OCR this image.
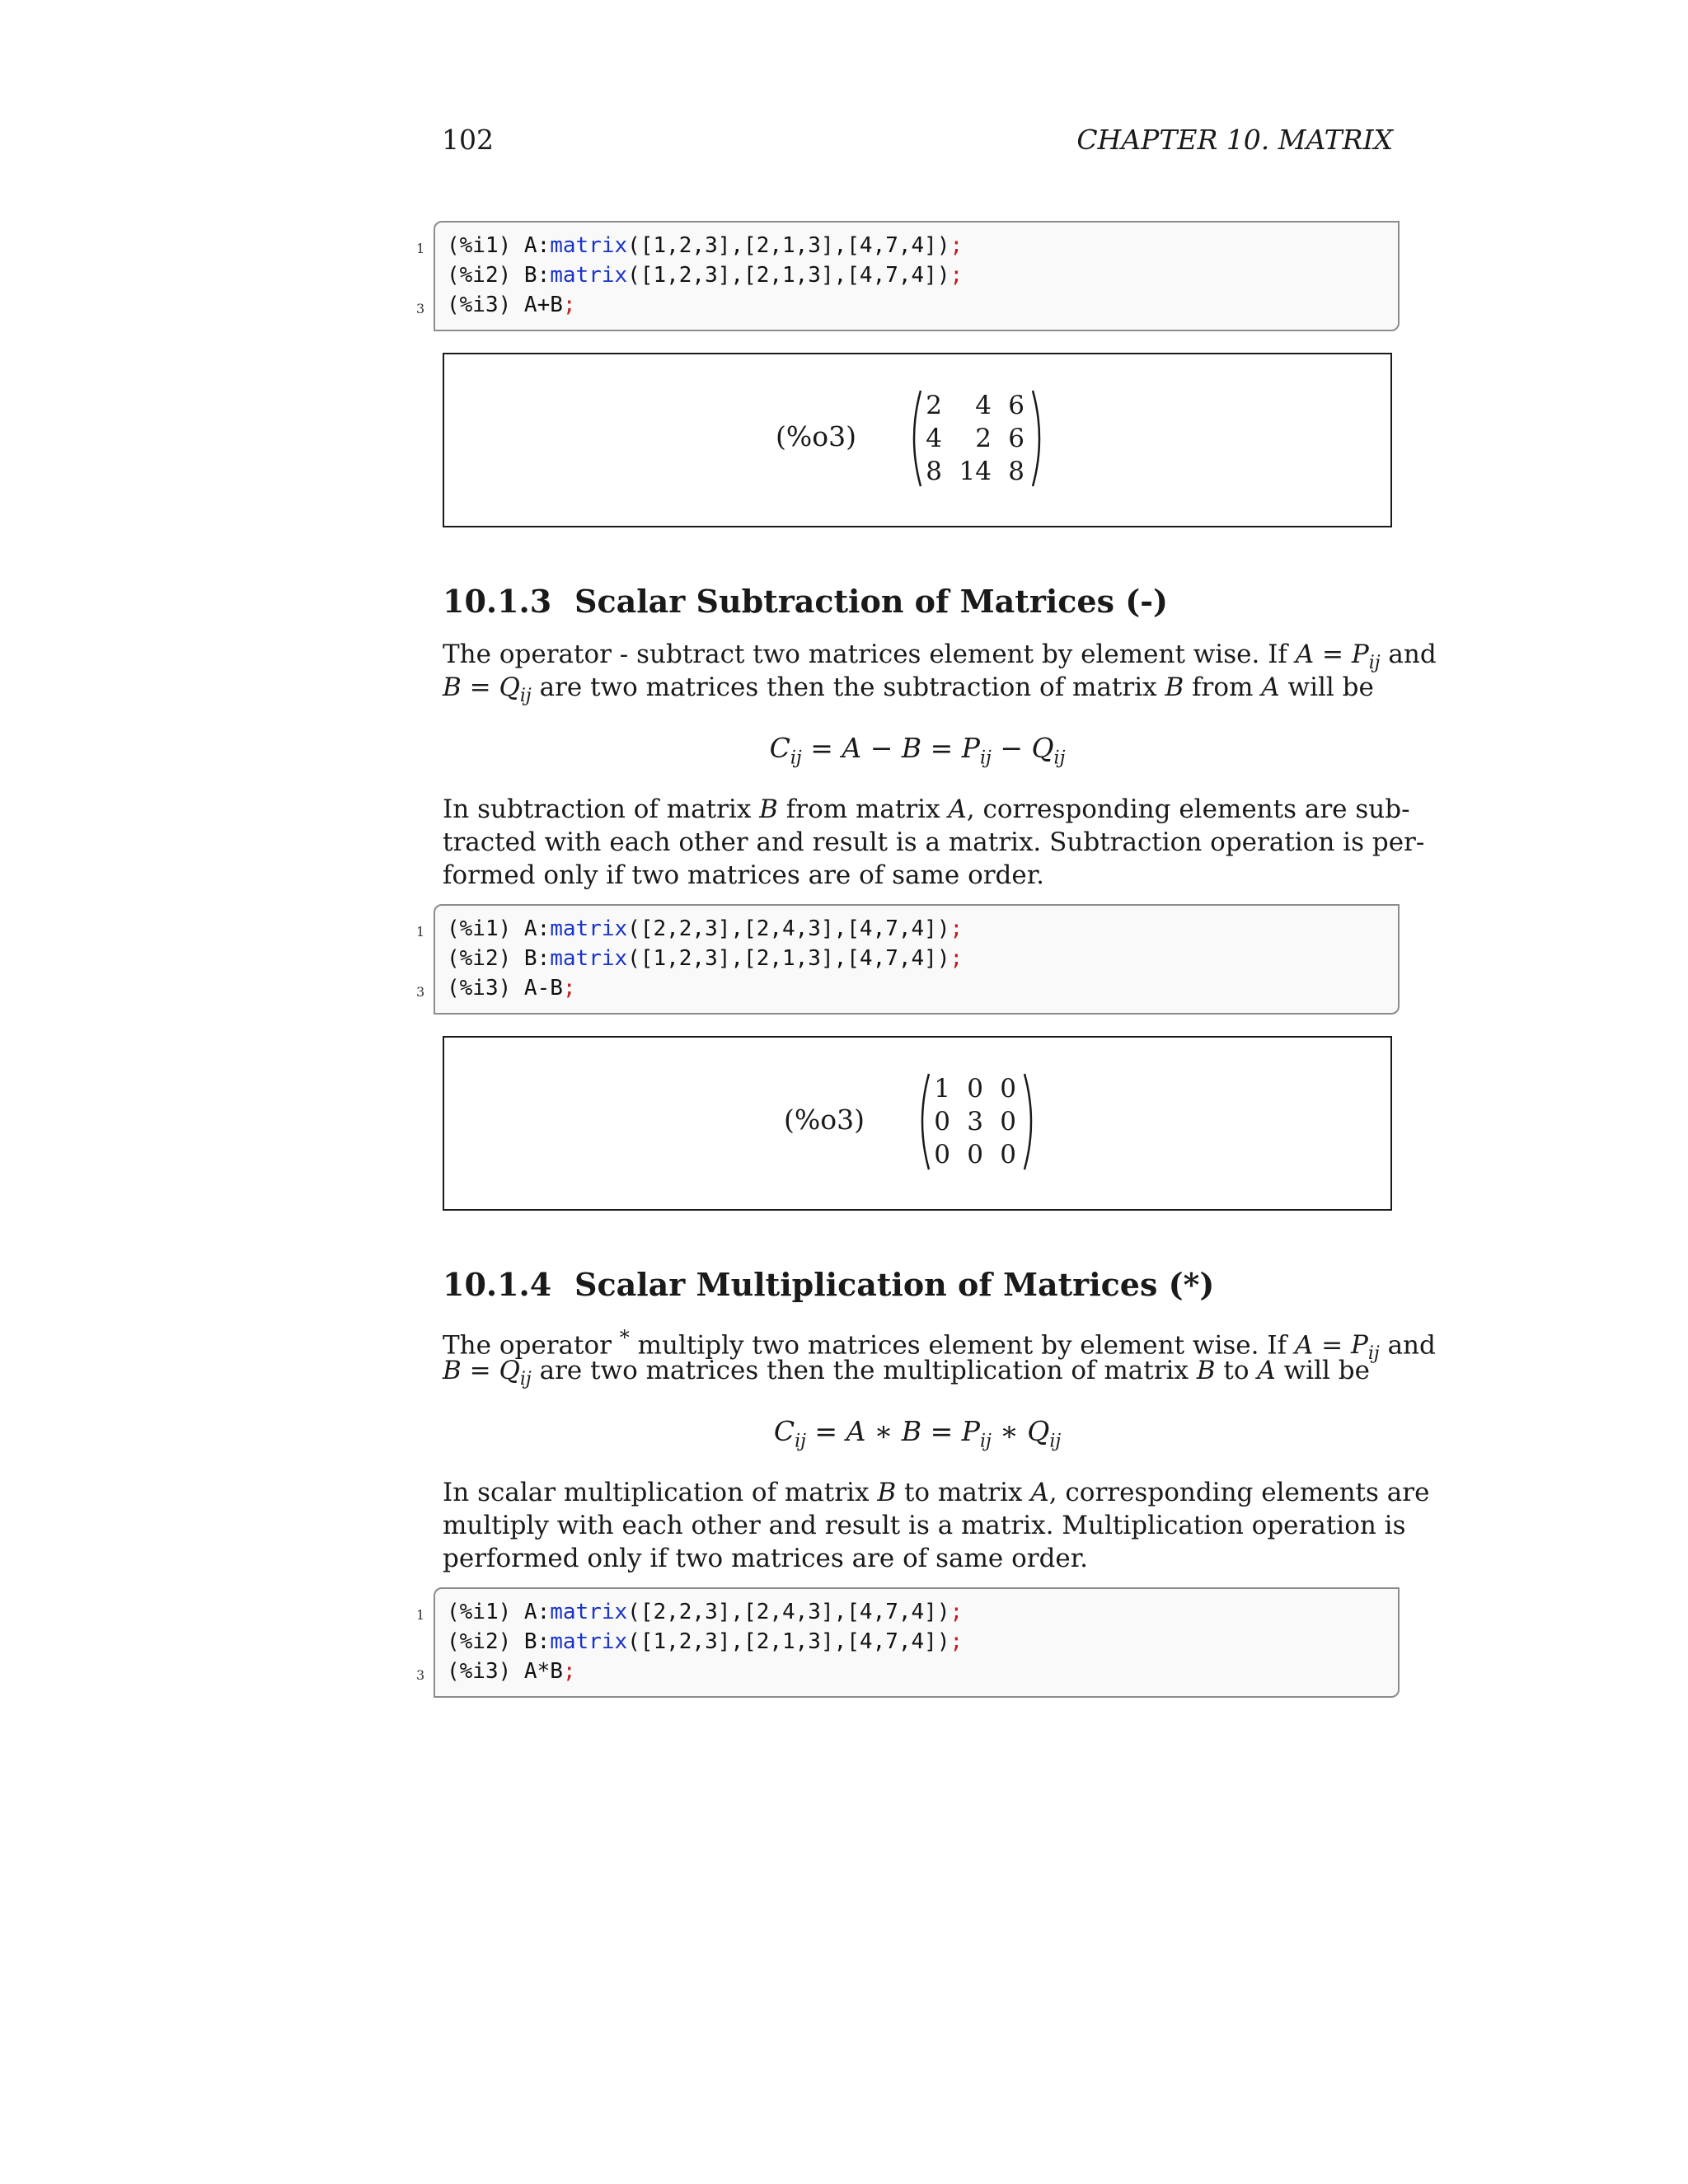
102	CHAPTER 10. MATRIX
1
3
(%i1) A:matrix([1,2,3],[2,1,3],[4,7,4]);
(%i2) B:matrix([1,2,3],[2,1,3],[4,7,4]);
(%i3) A+B;
(%o3)
2	4 6
4	2 6
8 14 8
10.1.3 Scalar Subtraction of Matrices (-)
The operator - subtract two matrices element by element wise. If $A = P_{ij}$ and
$B = Q_{ij}$ are two matrices then the subtraction of matrix B from A will be
$C_{ij} = A - B = P_{ij} - Q_{ij}$
In subtraction of matrix B from matrix A, corresponding elements are sub-
tracted with each other and result is a matrix. Subtraction operation is per-
formed only if two matrices are of same order.
1
3
(%i1) A:matrix([2,2,3],[2,4,3],[4,7,4]);
(%i2) B:matrix([1,2,3],[2,1,3],[4,7,4]);
(%i3) A-B;
(%o3)
1 0 0
0 3 0
0 0 0
10.1.4 Scalar Multiplication of Matrices (*)
The operator * multiply two matrices element by element wise. If $A = P_{ij}$ and
$B = Q_{ij}$ are two matrices then the multiplication of matrix B to A will be
$C_{ij} = A$ ∗ $B = P_{ij}$ ∗ $Q_{ij}$
In scalar multiplication of matrix B to matrix A, corresponding elements are
multiply with each other and result is a matrix. Multiplication operation is
performed only if two matrices are of same order.
1
3
(%i1) A:matrix([2,2,3],[2,4,3],[4,7,4]);
(%i2) B:matrix([1,2,3],[2,1,3],[4,7,4]);
(%i3) A*B;
